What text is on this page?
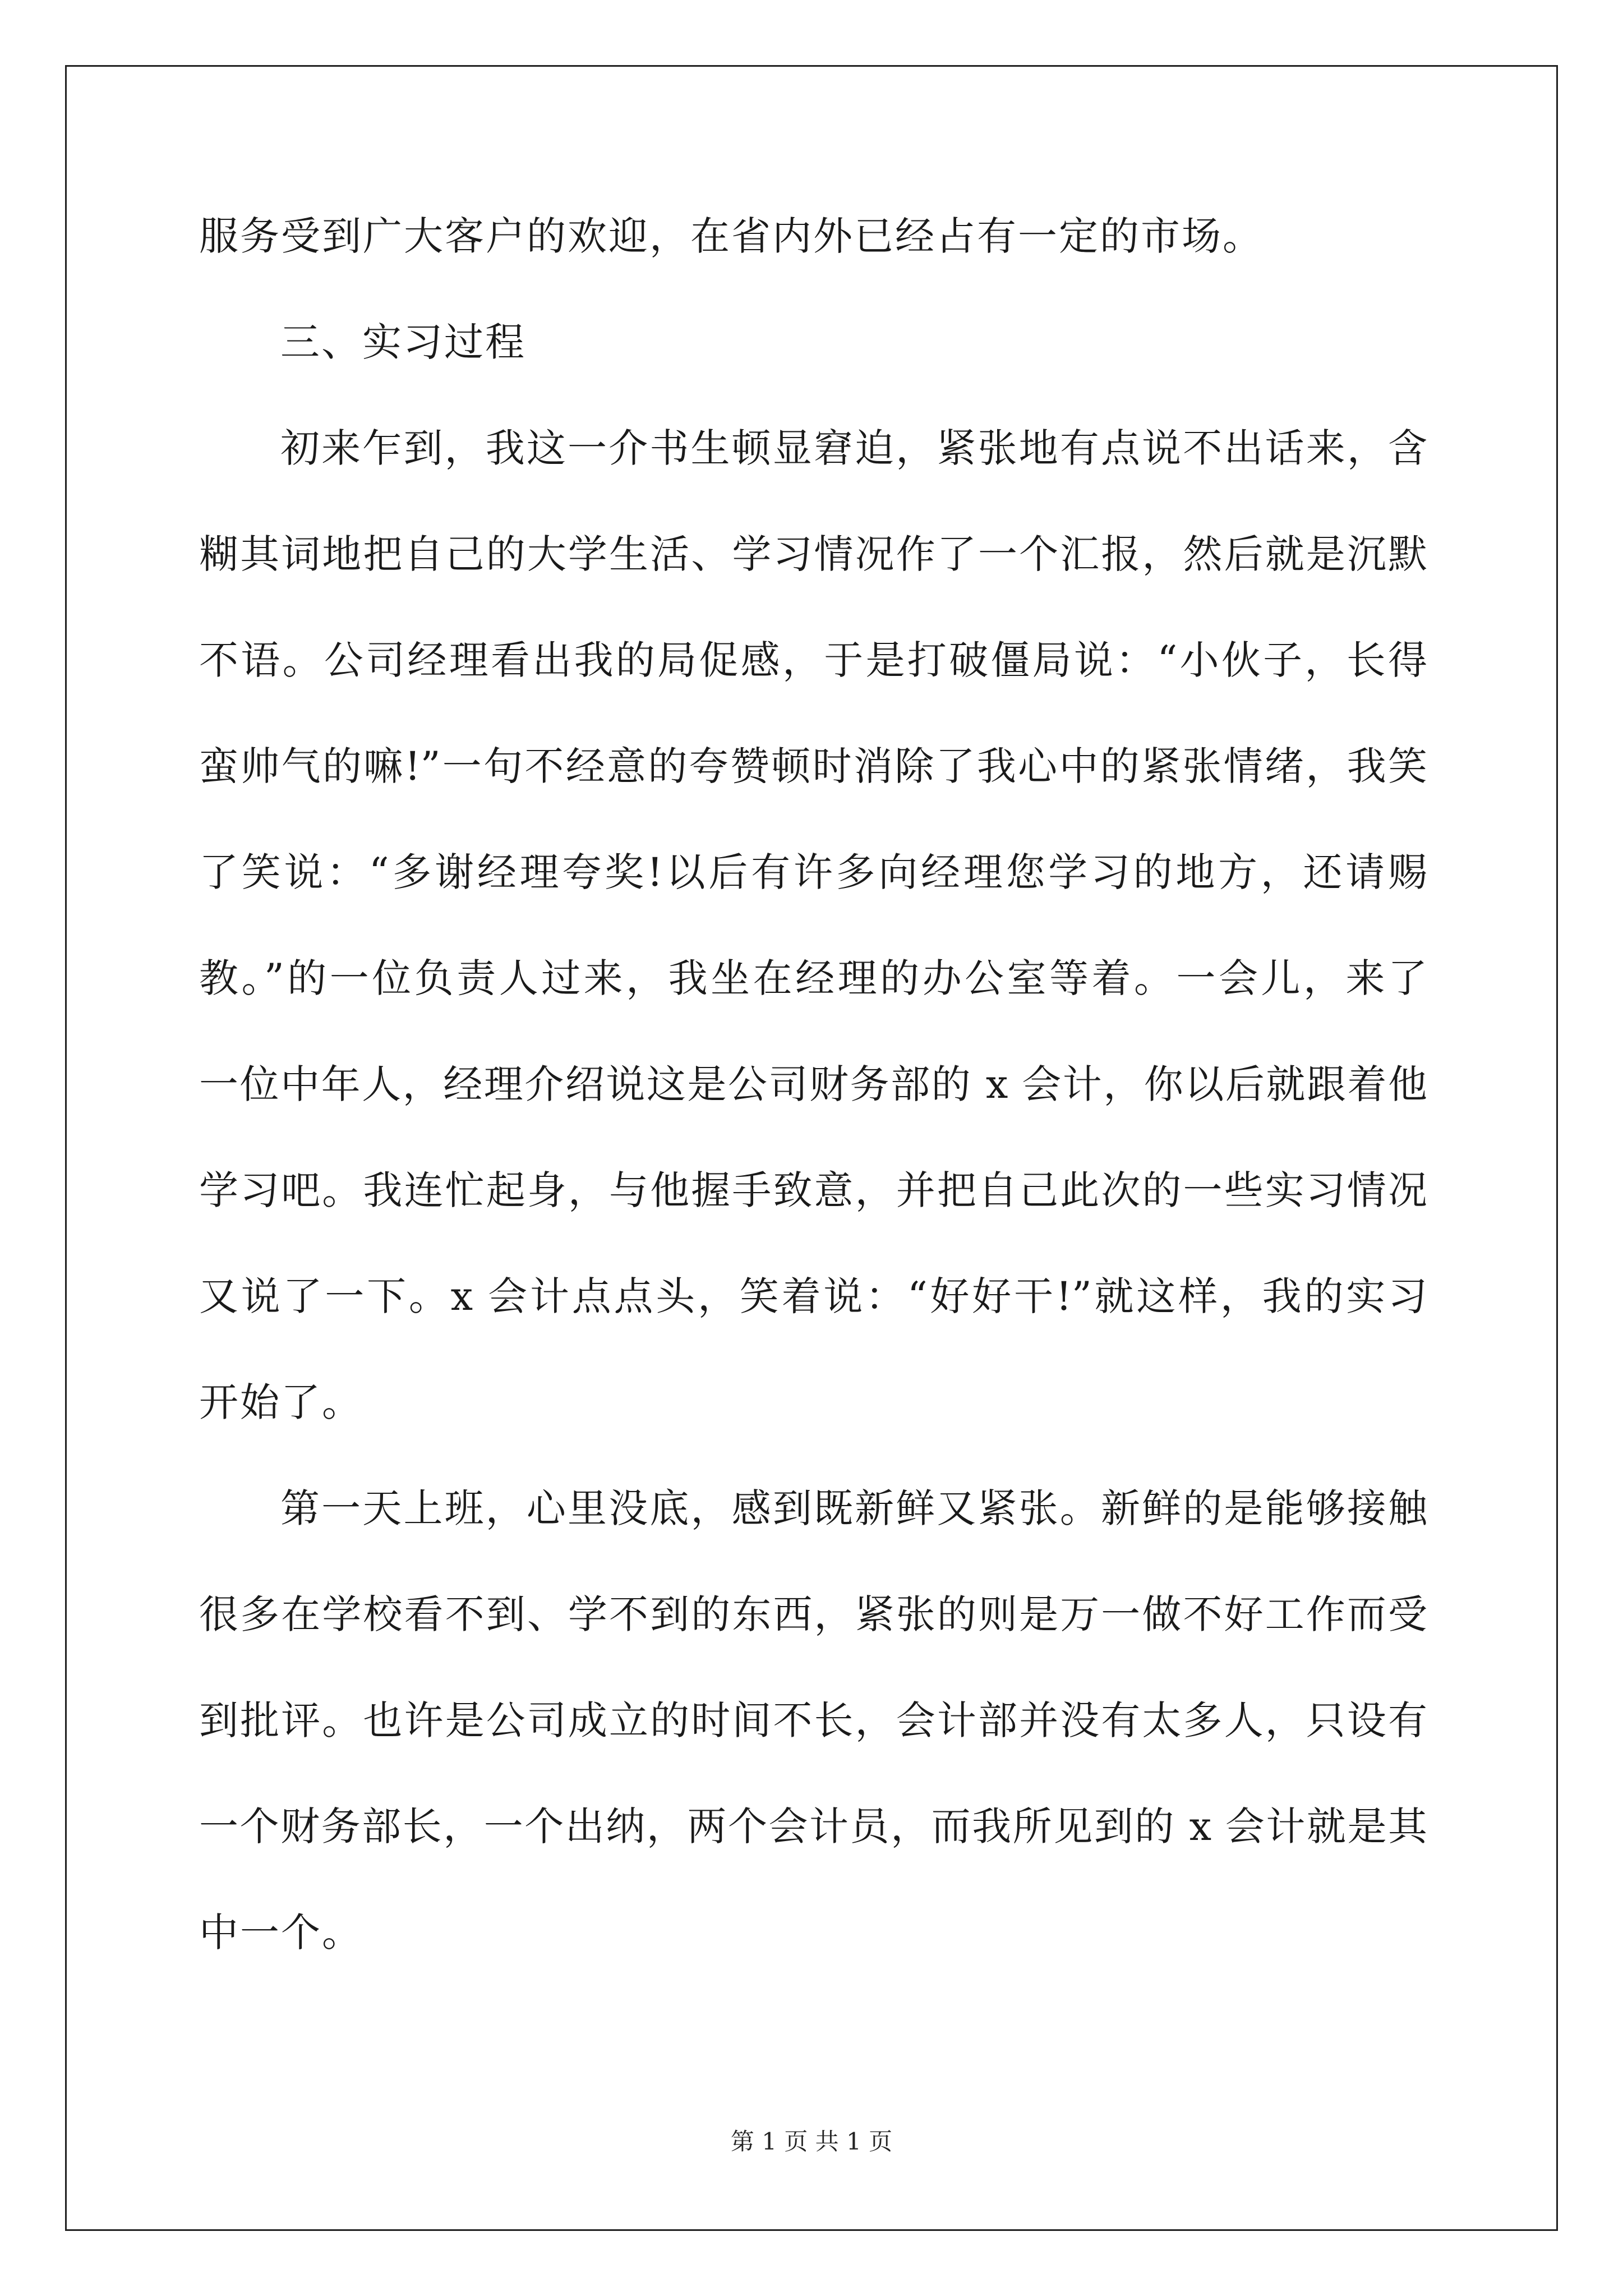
服务受到广大客户的欢迎，在省内外已经占有一定的市场。
三、实习过程
初来乍到，我这一介书生顿显窘迫，紧张地有点说不出话来，含
糊其词地把自己的大学生活、学习情况作了一个汇报，然后就是沉默
不语。公司经理看出我的局促感，于是打破僵局说：“小伙子，长得
蛮帅气的嘛!”一句不经意的夸赞顿时消除了我心中的紧张情绪，我笑
了笑说：“多谢经理夸奖!以后有许多向经理您学习的地方，还请赐
教。”的一位负责人过来，我坐在经理的办公室等着。一会儿，来了
一位中年人，经理介绍说这是公司财务部的 x 会计，你以后就跟着他
学习吧。我连忙起身，与他握手致意，并把自己此次的一些实习情况
又说了一下。x 会计点点头，笑着说：“好好干!”就这样，我的实习
开始了。
第一天上班，心里没底，感到既新鲜又紧张。新鲜的是能够接触
很多在学校看不到、学不到的东西，紧张的则是万一做不好工作而受
到批评。也许是公司成立的时间不长，会计部并没有太多人，只设有
一个财务部长，一个出纳，两个会计员，而我所见到的 x 会计就是其
中一个。
第 1 页 共 1 页
